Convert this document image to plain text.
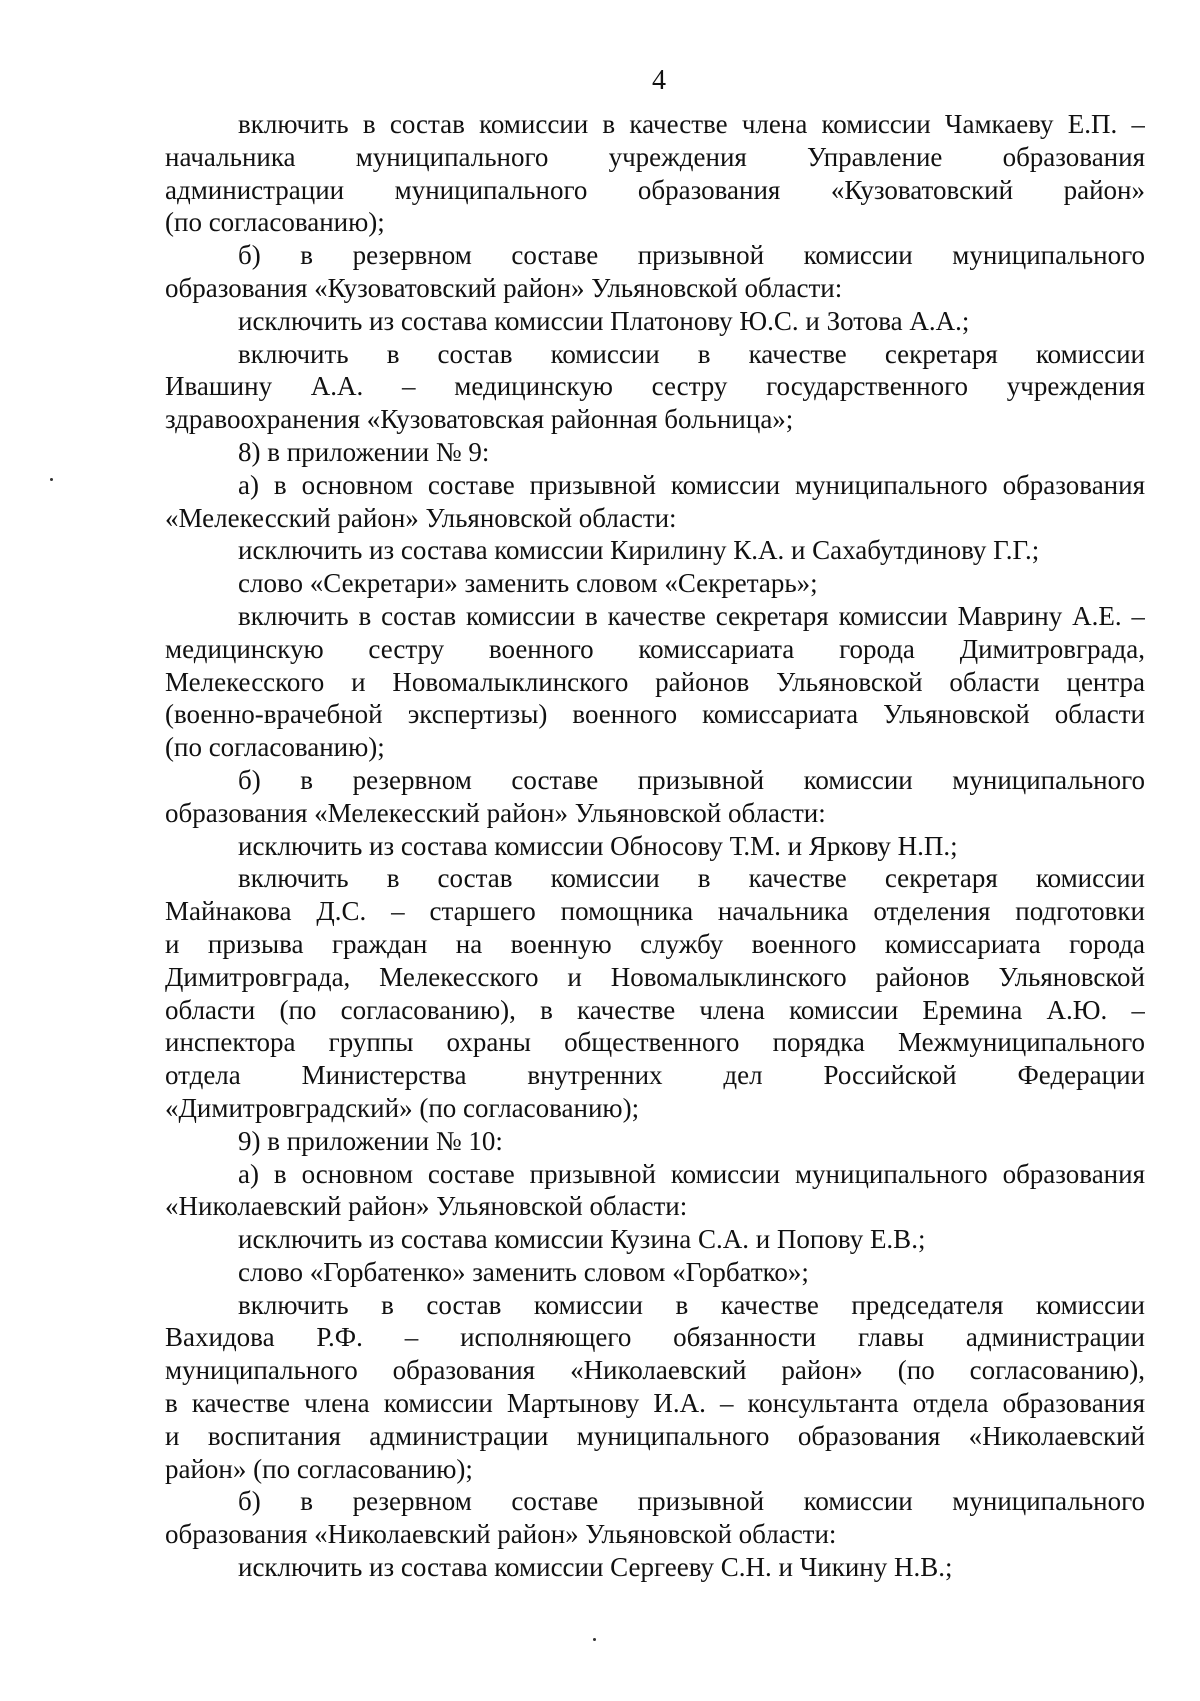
4
включить в состав комиссии в качестве члена комиссии Чамкаеву Е.П. –
начальника муниципального учреждения Управление образования
администрации муниципального образования «Кузоватовский район»
(по согласованию);
б) в резервном составе призывной комиссии муниципального
образования «Кузоватовский район» Ульяновской области:
исключить из состава комиссии Платонову Ю.С. и Зотова А.А.;
включить в состав комиссии в качестве секретаря комиссии
Ивашину А.А. – медицинскую сестру государственного учреждения
здравоохранения «Кузоватовская районная больница»;
8) в приложении № 9:
а) в основном составе призывной комиссии муниципального образования
«Мелекесский район» Ульяновской области:
исключить из состава комиссии Кирилину К.А. и Сахабутдинову Г.Г.;
слово «Секретари» заменить словом «Секретарь»;
включить в состав комиссии в качестве секретаря комиссии Маврину А.Е. –
медицинскую сестру военного комиссариата города Димитровграда,
Мелекесского и Новомалыклинского районов Ульяновской области центра
(военно-врачебной экспертизы) военного комиссариата Ульяновской области
(по согласованию);
б) в резервном составе призывной комиссии муниципального
образования «Мелекесский район» Ульяновской области:
исключить из состава комиссии Обносову Т.М. и Яркову Н.П.;
включить в состав комиссии в качестве секретаря комиссии
Майнакова Д.С. – старшего помощника начальника отделения подготовки
и призыва граждан на военную службу военного комиссариата города
Димитровграда, Мелекесского и Новомалыклинского районов Ульяновской
области (по согласованию), в качестве члена комиссии Еремина А.Ю. –
инспектора группы охраны общественного порядка Межмуниципального
отдела Министерства внутренних дел Российской Федерации
«Димитровградский» (по согласованию);
9) в приложении № 10:
а) в основном составе призывной комиссии муниципального образования
«Николаевский район» Ульяновской области:
исключить из состава комиссии Кузина С.А. и Попову Е.В.;
слово «Горбатенко» заменить словом «Горбатко»;
включить в состав комиссии в качестве председателя комиссии
Вахидова Р.Ф. – исполняющего обязанности главы администрации
муниципального образования «Николаевский район» (по согласованию),
в качестве члена комиссии Мартынову И.А. – консультанта отдела образования
и воспитания администрации муниципального образования «Николаевский
район» (по согласованию);
б) в резервном составе призывной комиссии муниципального
образования «Николаевский район» Ульяновской области:
исключить из состава комиссии Сергееву С.Н. и Чикину Н.В.;
